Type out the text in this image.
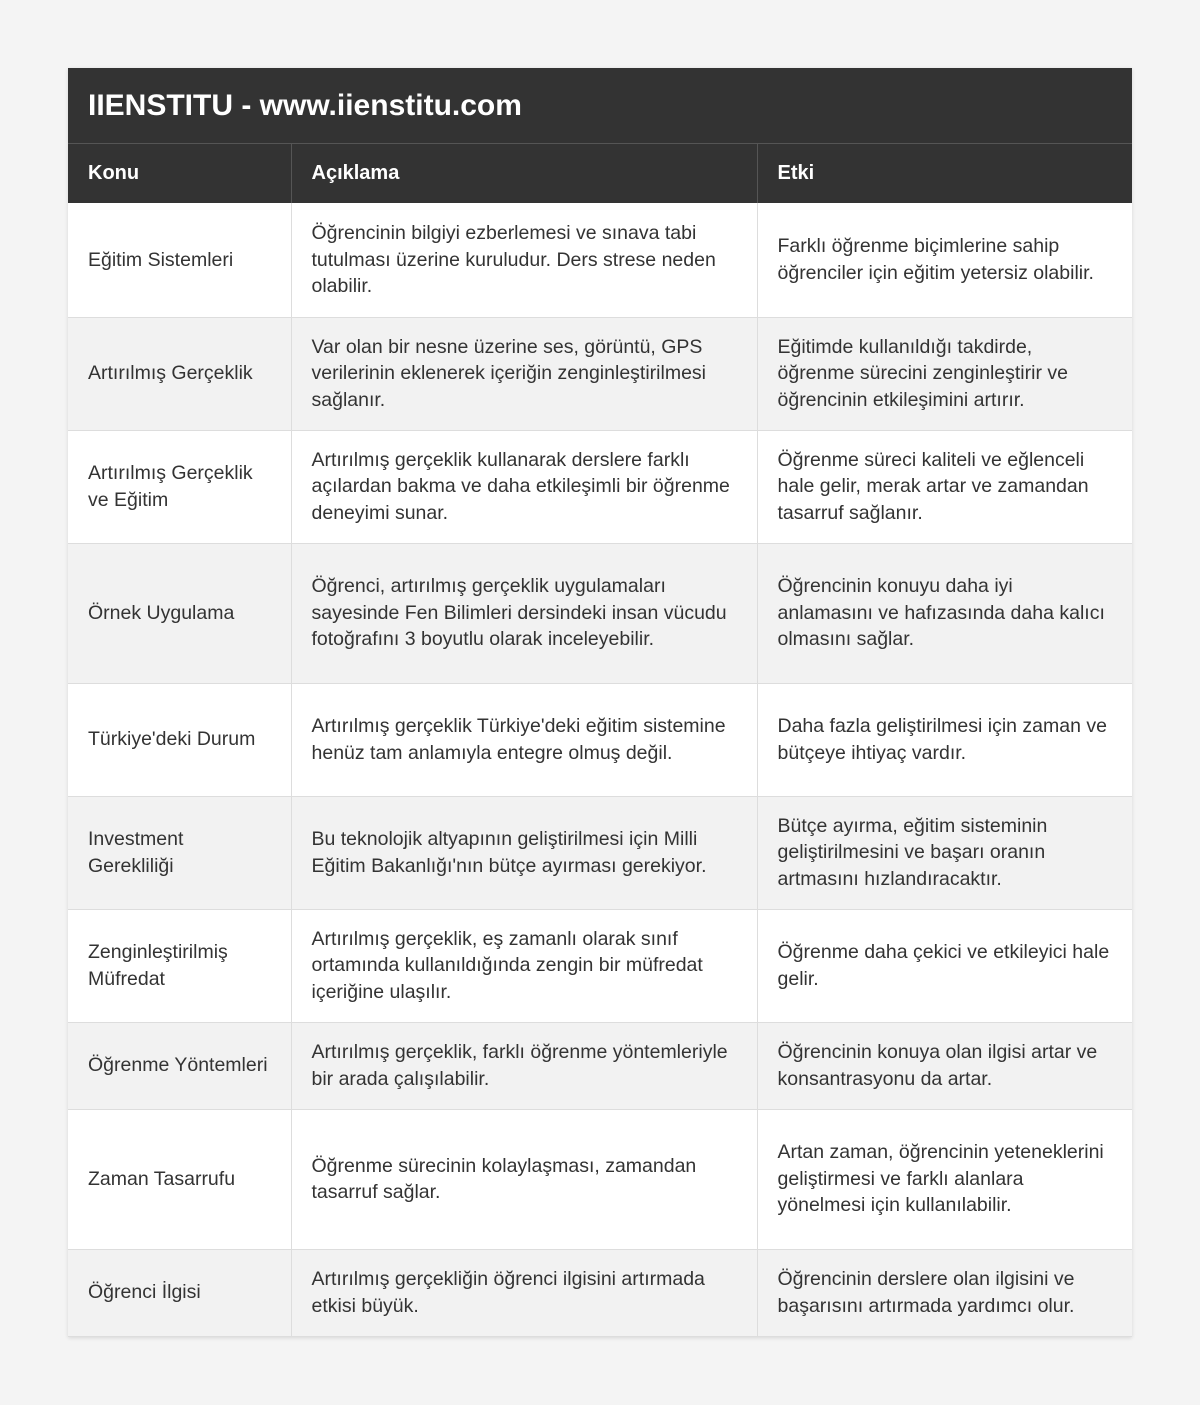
IIENSTITU - www.iienstitu.com
Konu	Açıklama	Etki
Eğitim Sistemleri	Öğrencinin bilgiyi ezberlemesi ve sınava tabi tutulması üzerine kuruludur. Ders strese neden olabilir.	Farklı öğrenme biçimlerine sahip öğrenciler için eğitim yetersiz olabilir.
Artırılmış Gerçeklik	Var olan bir nesne üzerine ses, görüntü, GPS verilerinin eklenerek içeriğin zenginleştirilmesi sağlanır.	Eğitimde kullanıldığı takdirde, öğrenme sürecini zenginleştirir ve öğrencinin etkileşimini artırır.
Artırılmış Gerçeklik ve Eğitim	Artırılmış gerçeklik kullanarak derslere farklı açılardan bakma ve daha etkileşimli bir öğrenme deneyimi sunar.	Öğrenme süreci kaliteli ve eğlenceli hale gelir, merak artar ve zamandan tasarruf sağlanır.
Örnek Uygulama	Öğrenci, artırılmış gerçeklik uygulamaları sayesinde Fen Bilimleri dersindeki insan vücudu fotoğrafını 3 boyutlu olarak inceleyebilir.	Öğrencinin konuyu daha iyi anlamasını ve hafızasında daha kalıcı olmasını sağlar.
Türkiye'deki Durum	Artırılmış gerçeklik Türkiye'deki eğitim sistemine henüz tam anlamıyla entegre olmuş değil.	Daha fazla geliştirilmesi için zaman ve bütçeye ihtiyaç vardır.
Investment Gerekliliği	Bu teknolojik altyapının geliştirilmesi için Milli Eğitim Bakanlığı'nın bütçe ayırması gerekiyor.	Bütçe ayırma, eğitim sisteminin geliştirilmesini ve başarı oranın artmasını hızlandıracaktır.
Zenginleştirilmiş Müfredat	Artırılmış gerçeklik, eş zamanlı olarak sınıf ortamında kullanıldığında zengin bir müfredat içeriğine ulaşılır.	Öğrenme daha çekici ve etkileyici hale gelir.
Öğrenme Yöntemleri	Artırılmış gerçeklik, farklı öğrenme yöntemleriyle bir arada çalışılabilir.	Öğrencinin konuya olan ilgisi artar ve konsantrasyonu da artar.
Zaman Tasarrufu	Öğrenme sürecinin kolaylaşması, zamandan tasarruf sağlar.	Artan zaman, öğrencinin yeteneklerini geliştirmesi ve farklı alanlara yönelmesi için kullanılabilir.
Öğrenci İlgisi	Artırılmış gerçekliğin öğrenci ilgisini artırmada etkisi büyük.	Öğrencinin derslere olan ilgisini ve başarısını artırmada yardımcı olur.
